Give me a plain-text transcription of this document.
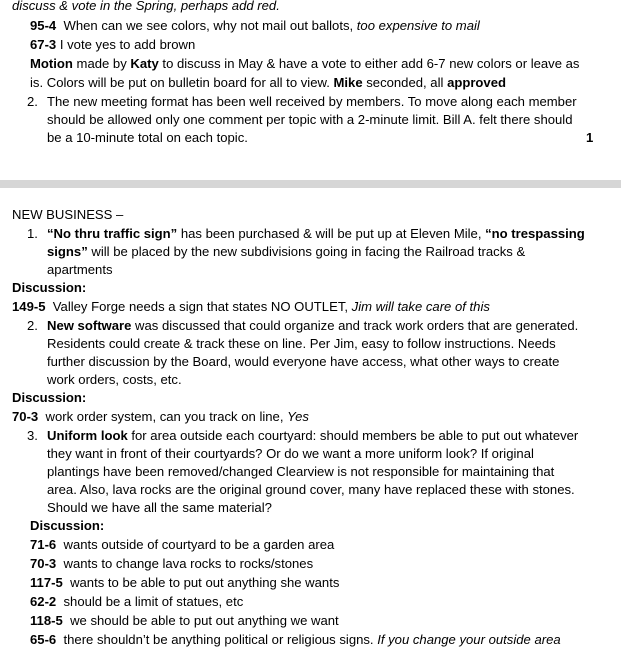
discuss & vote in the Spring, perhaps add red.
95-4 When can we see colors, why not mail out ballots, too expensive to mail
67-3 I vote yes to add brown
Motion made by Katy to discuss in May & have a vote to either add 6-7 new colors or leave as
is. Colors will be put on bulletin board for all to view. Mike seconded, all approved
2. The new meeting format has been well received by members. To move along each member
should be allowed only one comment per topic with a 2-minute limit. Bill A. felt there should
be a 10-minute total on each topic.	1
NEW BUSINESS –
1. “No thru traffic sign” has been purchased & will be put up at Eleven Mile, “no trespassing
signs” will be placed by the new subdivisions going in facing the Railroad tracks &
apartments
Discussion:
149-5 Valley Forge needs a sign that states NO OUTLET, Jim will take care of this
2. New software was discussed that could organize and track work orders that are generated.
Residents could create & track these on line. Per Jim, easy to follow instructions. Needs
further discussion by the Board, would everyone have access, what other ways to create
work orders, costs, etc.
Discussion:
70-3 work order system, can you track on line, Yes
3. Uniform look for area outside each courtyard: should members be able to put out whatever
they want in front of their courtyards? Or do we want a more uniform look? If original
plantings have been removed/changed Clearview is not responsible for maintaining that
area. Also, lava rocks are the original ground cover, many have replaced these with stones.
Should we have all the same material?
Discussion:
71-6 wants outside of courtyard to be a garden area
70-3 wants to change lava rocks to rocks/stones
117-5 wants to be able to put out anything she wants
62-2 should be a limit of statues, etc
118-5 we should be able to put out anything we want
65-6 there shouldn’t be anything political or religious signs. If you change your outside area
